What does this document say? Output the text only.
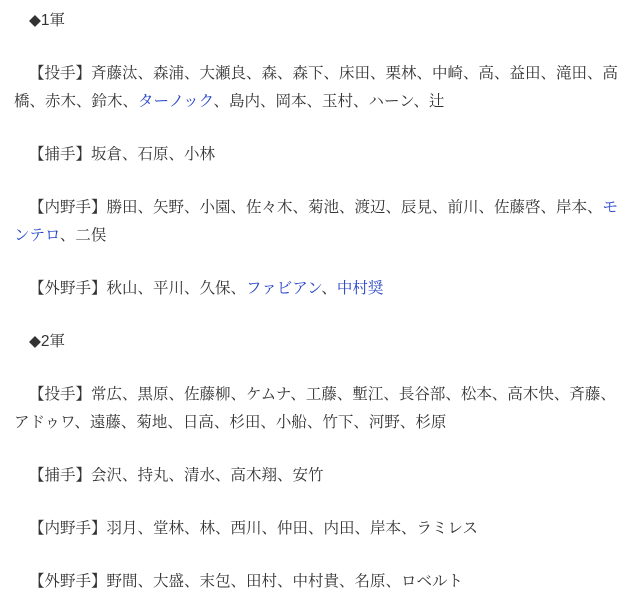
◆1軍

【投手】斉藤汰、森浦、大瀬良、森、森下、床田、栗林、中崎、高、益田、滝田、高橋、赤木、鈴木、ターノック、島内、岡本、玉村、ハーン、辻

【捕手】坂倉、石原、小林

【内野手】勝田、矢野、小園、佐々木、菊池、渡辺、辰見、前川、佐藤啓、岸本、モンテロ、二俣

【外野手】秋山、平川、久保、ファビアン、中村奨

◆2軍

【投手】常広、黒原、佐藤柳、ケムナ、工藤、塹江、長谷部、松本、高木快、斉藤、アドゥワ、遠藤、菊地、日高、杉田、小船、竹下、河野、杉原

【捕手】会沢、持丸、清水、高木翔、安竹

【内野手】羽月、堂林、林、西川、仲田、内田、岸本、ラミレス

【外野手】野間、大盛、末包、田村、中村貴、名原、ロベルト
